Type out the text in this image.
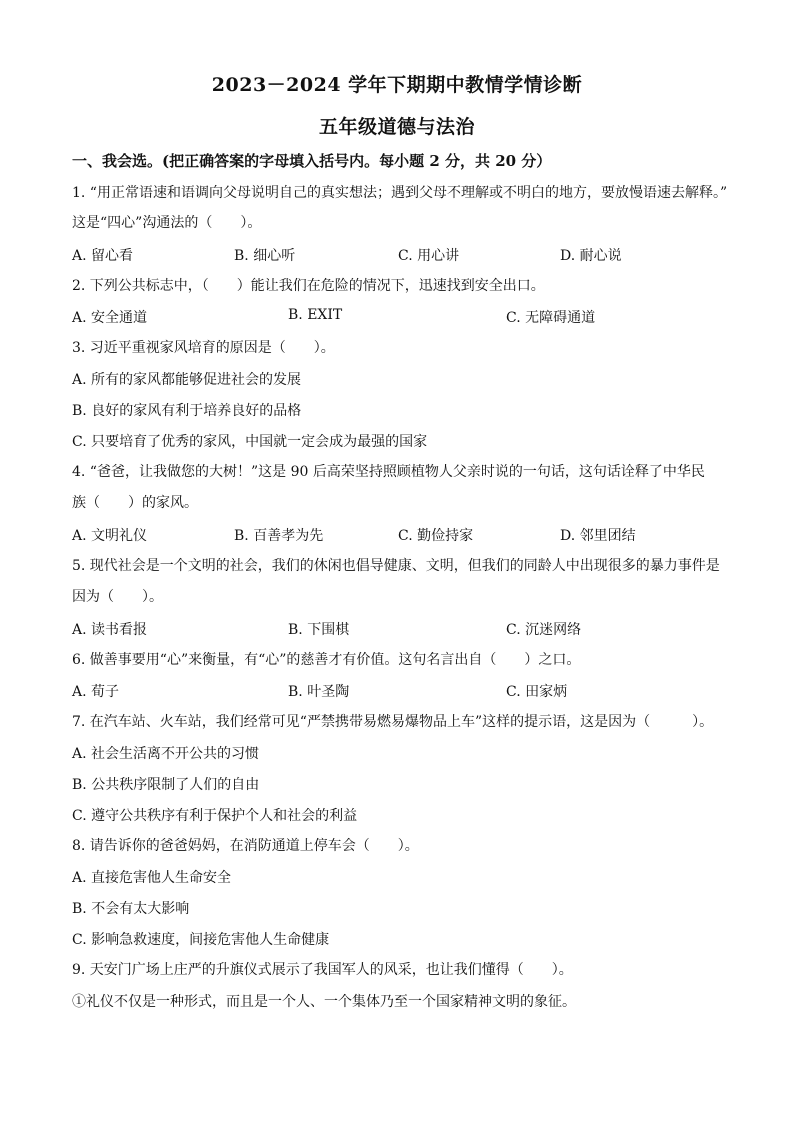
2023－2024 学年下期期中教情学情诊断
五年级道德与法治
一、我会选。(把正确答案的字母填入括号内。每小题 2 分，共 20 分）
1. “用正常语速和语调向父母说明自己的真实想法；遇到父母不理解或不明白的地方，要放慢语速去解释。”
这是“四心”沟通法的（　　）。
A. 留心看	B. 细心听	C. 用心讲	D. 耐心说
2. 下列公共标志中，（　　）能让我们在危险的情况下，迅速找到安全出口。
A. 安全通道	B. EXIT	C. 无障碍通道
3. 习近平重视家风培育的原因是（　　）。
A. 所有的家风都能够促进社会的发展
B. 良好的家风有利于培养良好的品格
C. 只要培育了优秀的家风，中国就一定会成为最强的国家
4. “爸爸，让我做您的大树！”这是 90 后高荣坚持照顾植物人父亲时说的一句话，这句话诠释了中华民
族（　　）的家风。
A. 文明礼仪	B. 百善孝为先	C. 勤俭持家	D. 邻里团结
5. 现代社会是一个文明的社会，我们的休闲也倡导健康、文明，但我们的同龄人中出现很多的暴力事件是
因为（　　）。
A. 读书看报	B. 下围棋	C. 沉迷网络
6. 做善事要用“心”来衡量，有“心”的慈善才有价值。这句名言出自（　　）之口。
A. 荀子	B. 叶圣陶	C. 田家炳
7. 在汽车站、火车站，我们经常可见“严禁携带易燃易爆物品上车”这样的提示语，这是因为（　　　）。
A. 社会生活离不开公共的习惯
B. 公共秩序限制了人们的自由
C. 遵守公共秩序有利于保护个人和社会的利益
8. 请告诉你的爸爸妈妈，在消防通道上停车会（　　）。
A. 直接危害他人生命安全
B. 不会有太大影响
C. 影响急救速度，间接危害他人生命健康
9. 天安门广场上庄严的升旗仪式展示了我国军人的风采，也让我们懂得（　　）。
①礼仪不仅是一种形式，而且是一个人、一个集体乃至一个国家精神文明的象征。
